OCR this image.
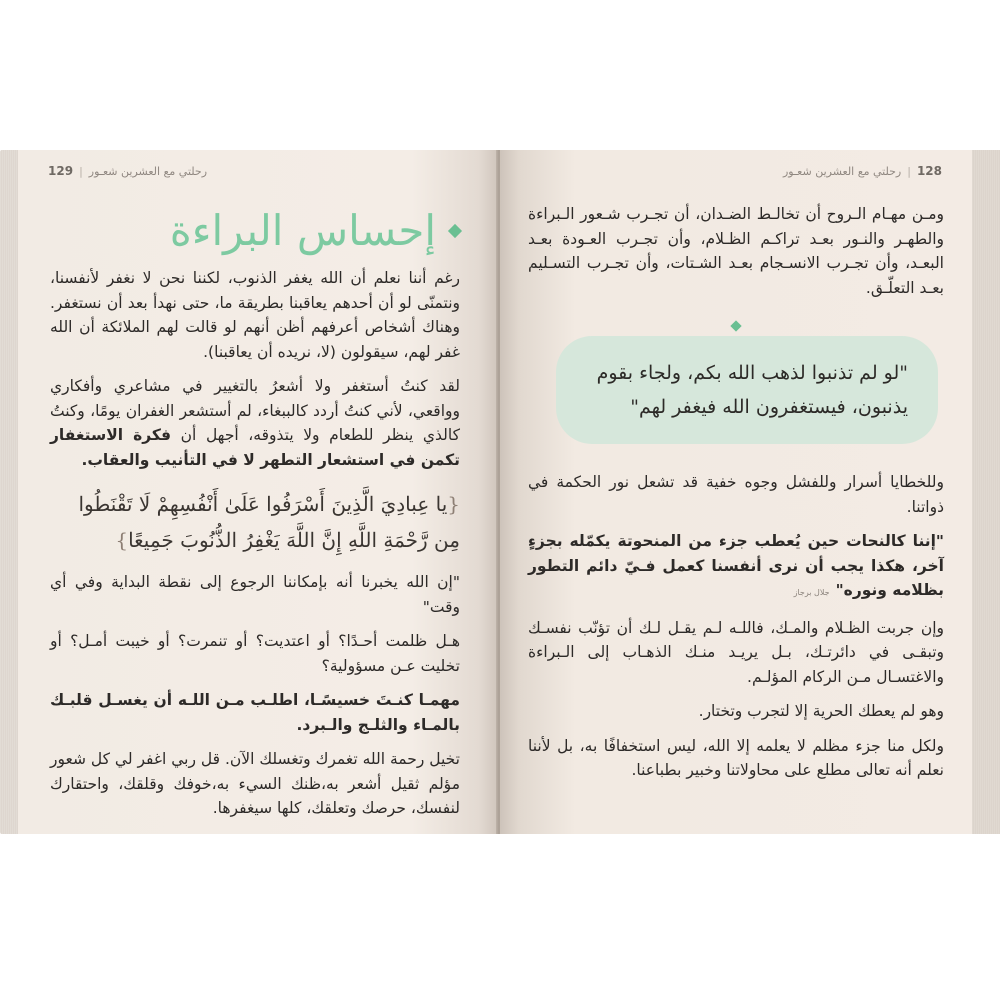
129 | رحلتي مع العشرين شعـور
إحساس البراءة

رغم أننا نعلم أن الله يغفر الذنوب، لكننا نحن لا نغفر لأنفسنا، ونتمنّى لو أن أحدهم يعاقبنا بطريقة ما، حتى نهدأ بعد أن نستغفر. وهناك أشخاص أعرفهم أظن أنهم لو قالت لهم الملائكة أن الله غفر لهم، سيقولون (لا، نريده أن يعاقبنا).

لقد كنتُ أستغفر ولا أشعرُ بالتغيير في مشاعري وأفكاري وواقعي، لأني كنتُ أردد كالببغاء، لم أستشعر الغفران يومًا، وكنتُ كالذي ينظر للطعام ولا يتذوقه، أجهل أن فكرة الاستغفار تكمن في استشعار التطهر لا في التأنيب والعقاب.

{يا عِبادِيَ الَّذِينَ أَسْرَفُوا عَلَىٰ أَنْفُسِهِمْ لَا تَقْنَطُوا مِن رَّحْمَةِ اللَّهِ إِنَّ اللَّهَ يَغْفِرُ الذُّنُوبَ جَمِيعًا}

"إن الله يخبرنا أنه بإمكاننا الرجوع إلى نقطة البداية وفي أي وقت"

هـل ظلمت أحـدًا؟ أو اعتديت؟ أو تنمرت؟ أو خيبت أمـل؟ أو تخليت عـن مسؤولية؟

مهمـا كنـتَ خسيسًـا، اطلـب مـن اللـه أن يغسـل قلبـك بالمـاء والثلـج والـبرد.

تخيل رحمة الله تغمرك وتغسلك الآن. قل ربي اغفر لي كل شعور مؤلم ثقيل أشعر به،ظنك السيء به،خوفك وقلقك، واحتقارك لنفسك، حرصك وتعلقك، كلها سيغفرها.

128|رحلتي مع العشرين شعـور

ومـن مهـام الـروح أن تخالـط الضـدان، أن تجـرب شـعور الـبراءة والطهـر والنـور بعـد تراكـم الظـلام، وأن تجـرب العـودة بعـد البعـد، وأن تجـرب الانسـجام بعـد الشـتات، وأن تجـرب التسـليم بعـد التعلّـق.

"لو لم تذنبوا لذهب الله بكم، ولجاء بقوم يذنبون، فيستغفرون الله فيغفر لهم"

وللخطايا أسرار وللفشل وجوه خفية قد تشعل نور الحكمة في ذواتنا.

"إننا كالنحات حين يُعطب جزء من المنحوتة يكمّله بجزءٍ آخر، هكذا يجب أن نرى أنفسنا كعمل فـيّ دائم التطور بظلامه ونوره"جلال برجاز

وإن جربت الظـلام والمـك، فاللـه لـم يقـل لـك أن تؤنّب نفسـك وتبقـى في دائرتـك، بـل يريـد منـك الذهـاب إلى الـبراءة والاغتسـال مـن الركام المؤلـم.

وهو لم يعطك الحرية إلا لتجرب وتختار.

ولكل منا جزء مظلم لا يعلمه إلا الله، ليس استخفافًا به، بل لأننا نعلم أنه تعالى مطلع على محاولاتنا وخبير بطباعنا.
